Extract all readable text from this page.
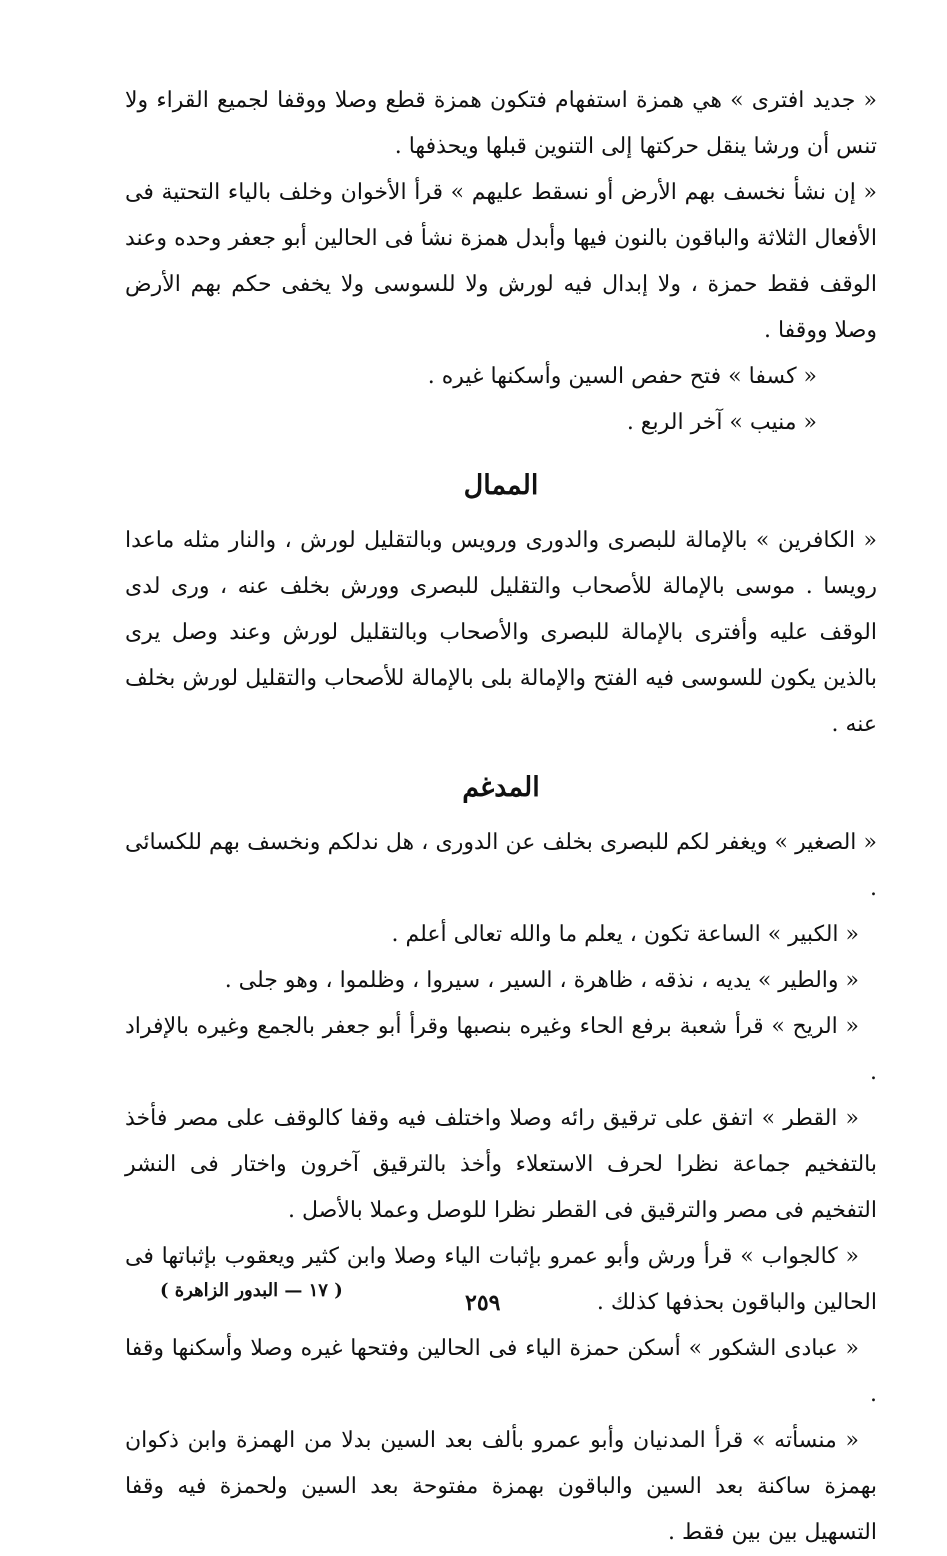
« جديد افترى » هي همزة استفهام فتكون همزة قطع وصلا ووقفا لجميع القراء ولا تنس أن ورشا ينقل حركتها إلى التنوين قبلها ويحذفها .

« إن نشأ نخسف بهم الأرض أو نسقط عليهم » قرأ الأخوان وخلف بالياء التحتية فى الأفعال الثلاثة والباقون بالنون فيها وأبدل همزة نشأ فى الحالين أبو جعفر وحده وعند الوقف فقط حمزة ، ولا إبدال فيه لورش ولا للسوسى ولا يخفى حكم بهم الأرض وصلا ووقفا .

« كسفا » فتح حفص السين وأسكنها غيره .

« منيب » آخر الربع .

الممال

« الكافرين » بالإمالة للبصرى والدورى ورويس وبالتقليل لورش ، والنار مثله ماعدا رويسا . موسى بالإمالة للأصحاب والتقليل للبصرى وورش بخلف عنه ، ورى لدى الوقف عليه وأفترى بالإمالة للبصرى والأصحاب وبالتقليل لورش وعند وصل يرى بالذين يكون للسوسى فيه الفتح والإمالة بلى بالإمالة للأصحاب والتقليل لورش بخلف عنه .

المدغم

« الصغير » ويغفر لكم للبصرى بخلف عن الدورى ، هل ندلكم ونخسف بهم للكسائى .

« الكبير » الساعة تكون ، يعلم ما والله تعالى أعلم .

« والطير » يديه ، نذقه ، ظاهرة ، السير ، سيروا ، وظلموا ، وهو جلى .

« الريح » قرأ شعبة برفع الحاء وغيره بنصبها وقرأ أبو جعفر بالجمع وغيره بالإفراد .

« القطر » اتفق على ترقيق رائه وصلا واختلف فيه وقفا كالوقف على مصر فأخذ بالتفخيم جماعة نظرا لحرف الاستعلاء وأخذ بالترقيق آخرون واختار فى النشر التفخيم فى مصر والترقيق فى القطر نظرا للوصل وعملا بالأصل .

« كالجواب » قرأ ورش وأبو عمرو بإثبات الياء وصلا وابن كثير ويعقوب بإثباتها فى الحالين والباقون بحذفها كذلك .

« عبادى الشكور » أسكن حمزة الياء فى الحالين وفتحها غيره وصلا وأسكنها وقفا .

« منسأته » قرأ المدنيان وأبو عمرو بألف بعد السين بدلا من الهمزة وابن ذكوان بهمزة ساكنة بعد السين والباقون بهمزة مفتوحة بعد السين ولحمزة فيه وقفا التسهيل بين بين فقط .

( ١٧ — البدور الزاهرة )	٢٥٩
